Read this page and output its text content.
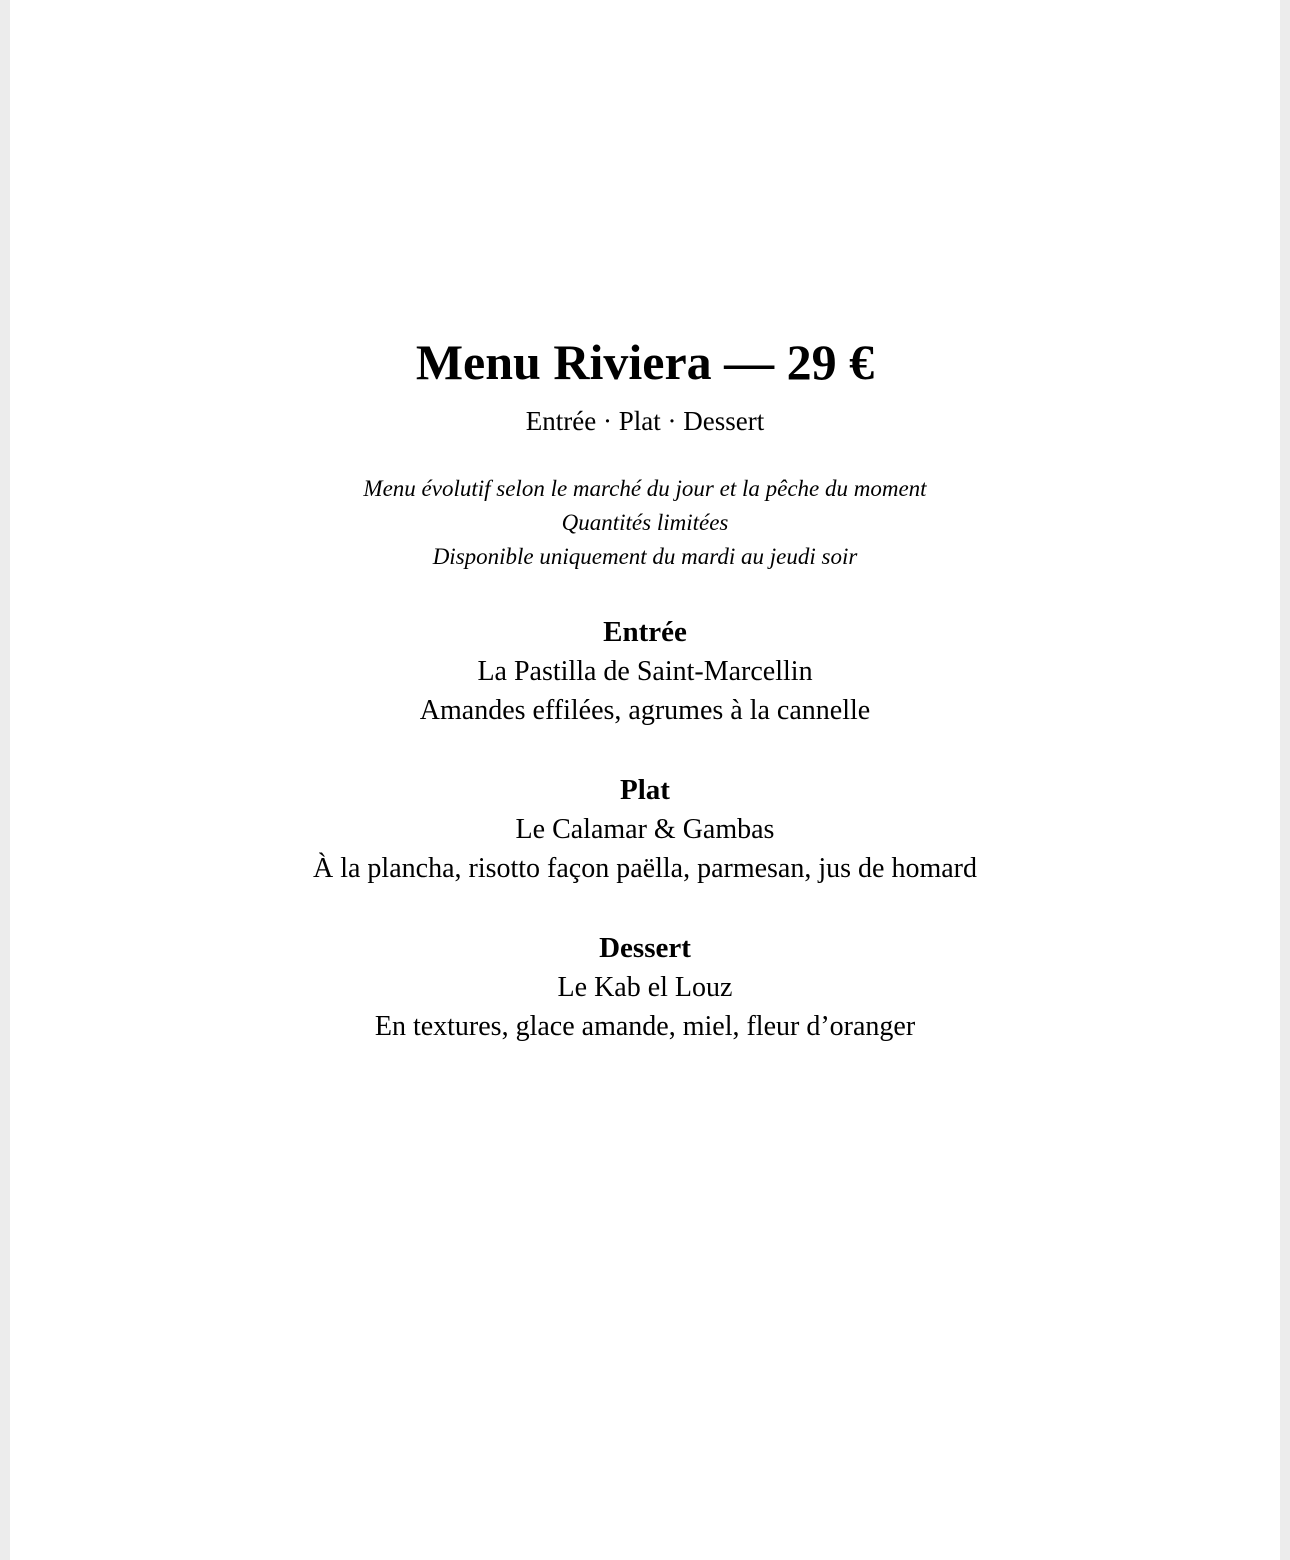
Menu Riviera — 29 €

Entrée · Plat · Dessert

Menu évolutif selon le marché du jour et la pêche du moment
Quantités limitées
Disponible uniquement du mardi au jeudi soir
Entrée

La Pastilla de Saint-Marcellin

Amandes effilées, agrumes à la cannelle

Plat

Le Calamar & Gambas

À la plancha, risotto façon paëlla, parmesan, jus de homard

Dessert

Le Kab el Louz

En textures, glace amande, miel, fleur d’oranger
